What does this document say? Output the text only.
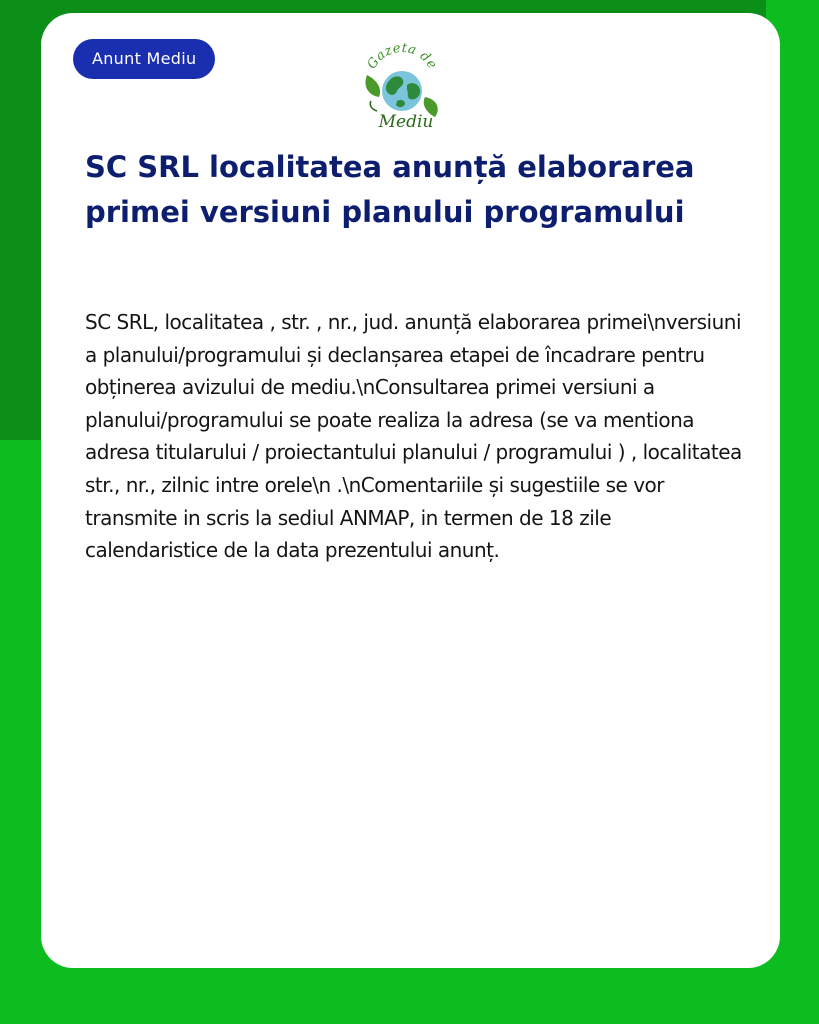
Anunt Mediu	Gazeta de
Mediu
SC SRL localitatea anunță elaborarea primei versiuni planului programului

SC SRL, localitatea , str. , nr., jud. anunță elaborarea primei\nversiuni a planului/programului și declanșarea etapei de încadrare pentru obținerea avizului de mediu.\nConsultarea primei versiuni a planului/programului se poate realiza la adresa (se va mentiona adresa titularului / proiectantului planului / programului ) , localitatea str., nr., zilnic intre orele\n .\nComentariile și sugestiile se vor transmite in scris la sediul ANMAP, in termen de 18 zile calendaristice de la data prezentului anunț.
